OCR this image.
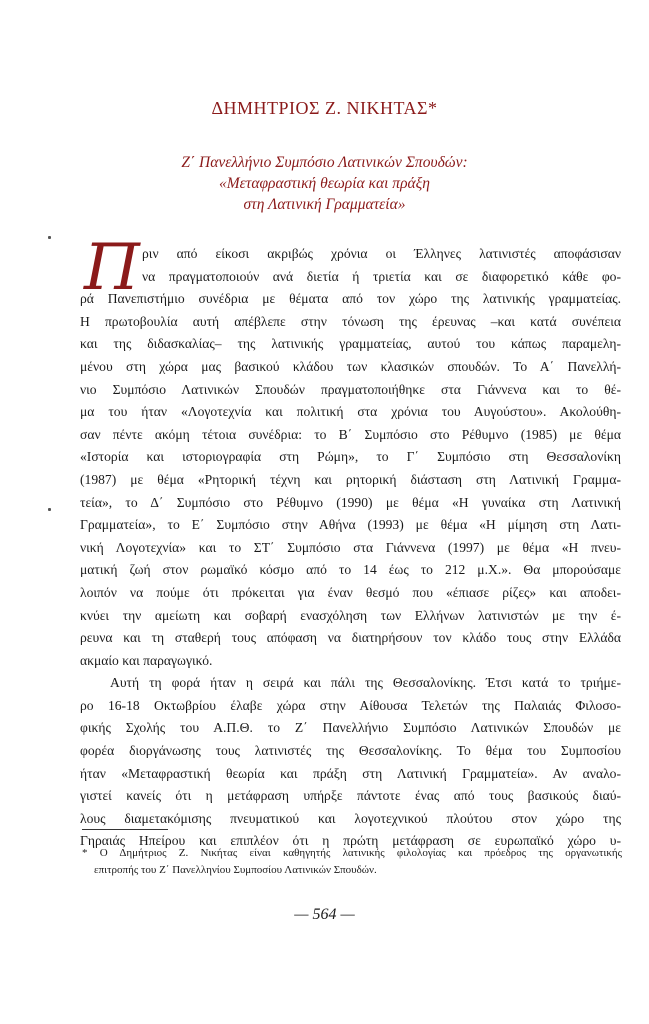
ΔΗΜΗΤΡΙΟΣ Ζ. ΝΙΚΗΤΑΣ*
Ζ΄ Πανελλήνιο Συμπόσιο Λατινικών Σπουδών:
«Μεταφραστική θεωρία και πράξη
στη Λατινική Γραμματεία»
Π ριν από είκοσι ακριβώς χρόνια οι Έλληνες λατινιστές αποφάσισαν
να πραγματοποιούν ανά διετία ή τριετία και σε διαφορετικό κάθε φο-
ρά Πανεπιστήμιο συνέδρια με θέματα από τον χώρο της λατινικής γραμματείας.
Η πρωτοβουλία αυτή απέβλεπε στην τόνωση της έρευνας –και κατά συνέπεια
και της διδασκαλίας– της λατινικής γραμματείας, αυτού του κάπως παραμελη-
μένου στη χώρα μας βασικού κλάδου των κλασικών σπουδών. Το Α΄ Πανελλή-
νιο Συμπόσιο Λατινικών Σπουδών πραγματοποιήθηκε στα Γιάννενα και το θέ-
μα του ήταν «Λογοτεχνία και πολιτική στα χρόνια του Αυγούστου». Ακολούθη-
σαν πέντε ακόμη τέτοια συνέδρια: το Β΄ Συμπόσιο στο Ρέθυμνο (1985) με θέμα
«Ιστορία και ιστοριογραφία στη Ρώμη», το Γ΄ Συμπόσιο στη Θεσσαλονίκη
(1987) με θέμα «Ρητορική τέχνη και ρητορική διάσταση στη Λατινική Γραμμα-
τεία», το Δ΄ Συμπόσιο στο Ρέθυμνο (1990) με θέμα «Η γυναίκα στη Λατινική
Γραμματεία», το Ε΄ Συμπόσιο στην Αθήνα (1993) με θέμα «Η μίμηση στη Λατι-
νική Λογοτεχνία» και το ΣΤ΄ Συμπόσιο στα Γιάννενα (1997) με θέμα «Η πνευ-
ματική ζωή στον ρωμαϊκό κόσμο από το 14 έως το 212 μ.Χ.». Θα μπορούσαμε
λοιπόν να πούμε ότι πρόκειται για έναν θεσμό που «έπιασε ρίζες» και αποδει-
κνύει την αμείωτη και σοβαρή ενασχόληση των Ελλήνων λατινιστών με την έ-
ρευνα και τη σταθερή τους απόφαση να διατηρήσουν τον κλάδο τους στην Ελλάδα
ακμαίο και παραγωγικό.
Αυτή τη φορά ήταν η σειρά και πάλι της Θεσσαλονίκης. Έτσι κατά το τριήμε-
ρο 16-18 Οκτωβρίου έλαβε χώρα στην Αίθουσα Τελετών της Παλαιάς Φιλοσο-
φικής Σχολής του Α.Π.Θ. το Ζ΄ Πανελλήνιο Συμπόσιο Λατινικών Σπουδών με
φορέα διοργάνωσης τους λατινιστές της Θεσσαλονίκης. Το θέμα του Συμποσίου
ήταν «Μεταφραστική θεωρία και πράξη στη Λατινική Γραμματεία». Αν αναλο-
γιστεί κανείς ότι η μετάφραση υπήρξε πάντοτε ένας από τους βασικούς διαύ-
λους διαμετακόμισης πνευματικού και λογοτεχνικού πλούτου στον χώρο της
Γηραιάς Ηπείρου και επιπλέον ότι η πρώτη μετάφραση σε ευρωπαϊκό χώρο υ-
* Ο Δημήτριος Ζ. Νικήτας είναι καθηγητής λατινικής φιλολογίας και πρόεδρος της οργανωτικής
επιτροπής του Ζ΄ Πανελληνίου Συμποσίου Λατινικών Σπουδών.
— 564 —
